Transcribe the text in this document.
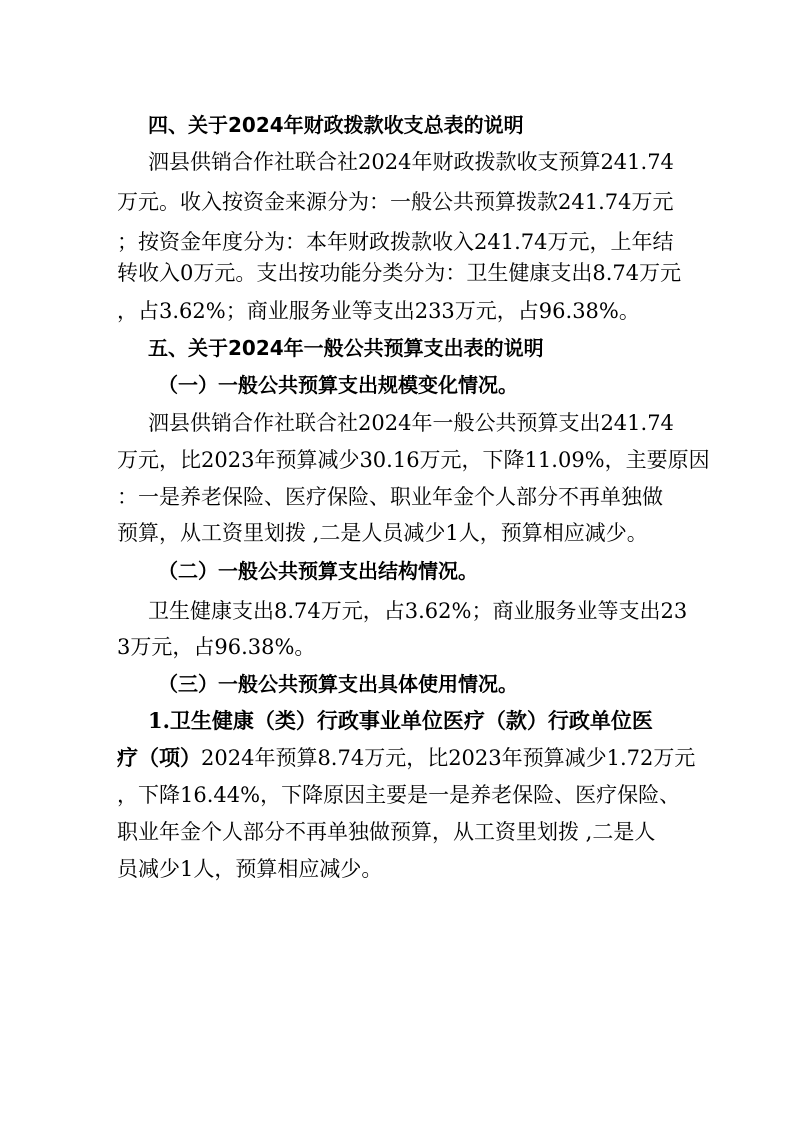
四、关于2024年财政拨款收支总表的说明
泗县供销合作社联合社2024年财政拨款收支预算241.74
万元。收入按资金来源分为：一般公共预算拨款241.74万元
；按资金年度分为：本年财政拨款收入241.74万元，上年结
转收入0万元。支出按功能分类分为：卫生健康支出8.74万元
，占3.62%；商业服务业等支出233万元，占96.38%。
五、关于2024年一般公共预算支出表的说明
（一）一般公共预算支出规模变化情况。
泗县供销合作社联合社2024年一般公共预算支出241.74
万元，比2023年预算减少30.16万元，下降11.09%，主要原因
：一是养老保险、医疗保险、职业年金个人部分不再单独做
预算，从工资里划拨 ,二是人员减少1人，预算相应减少。
（二）一般公共预算支出结构情况。
卫生健康支出8.74万元，占3.62%；商业服务业等支出23
3万元，占96.38%。
（三）一般公共预算支出具体使用情况。
1.卫生健康（类）行政事业单位医疗（款）行政单位医
疗（项）2024年预算8.74万元，比2023年预算减少1.72万元
，下降16.44%，下降原因主要是一是养老保险、医疗保险、
职业年金个人部分不再单独做预算，从工资里划拨 ,二是人
员减少1人，预算相应减少。
